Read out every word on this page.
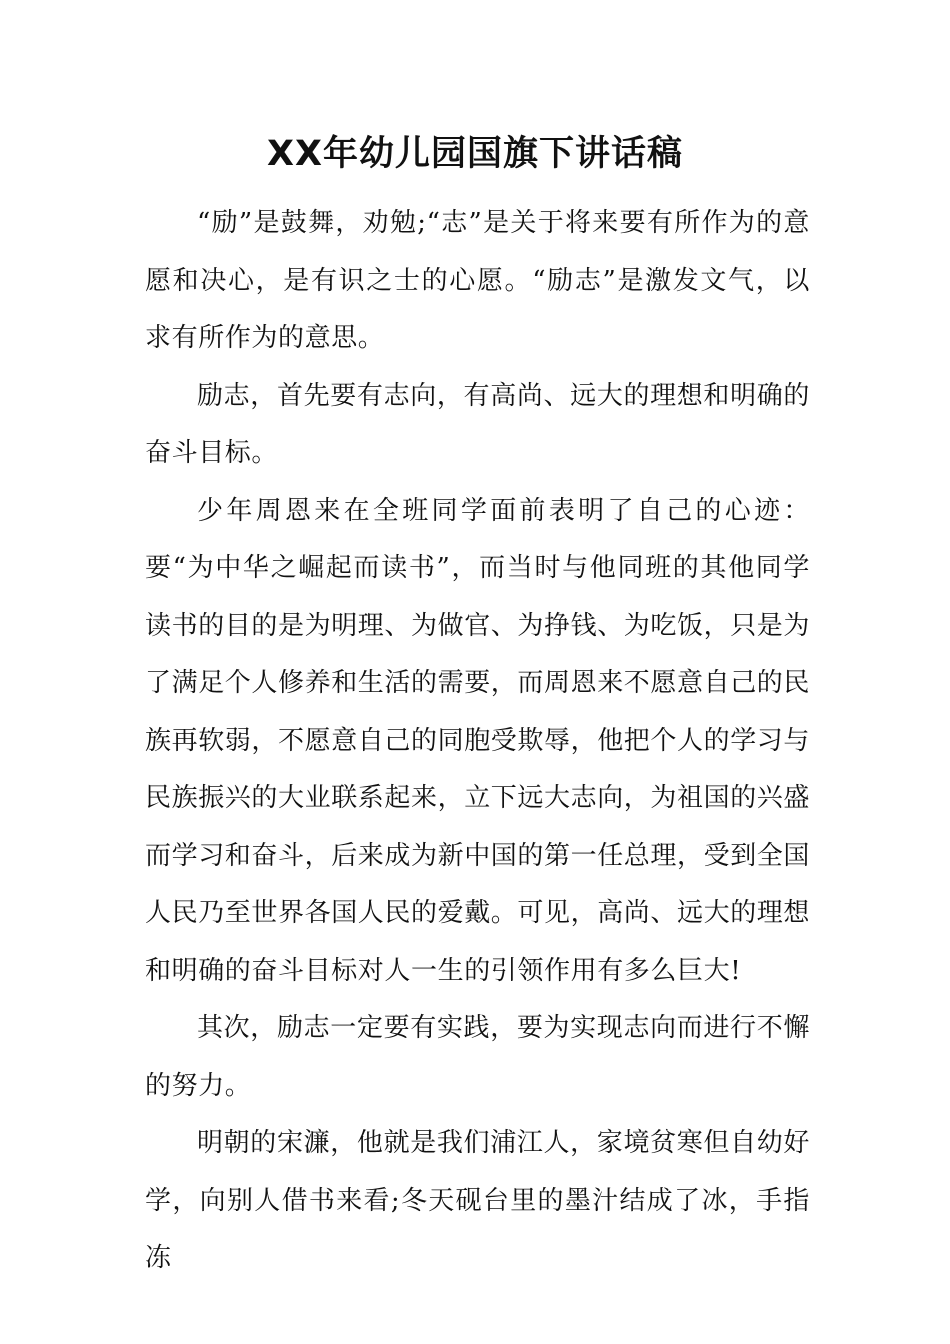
XX年幼儿园国旗下讲话稿

“励”是鼓舞，劝勉;“志”是关于将来要有所作为的意愿和决心，是有识之士的心愿。“励志”是激发文气，以求有所作为的意思。

励志，首先要有志向，有高尚、远大的理想和明确的奋斗目标。

少年周恩来在全班同学面前表明了自己的心迹：要“为中华之崛起而读书”，而当时与他同班的其他同学读书的目的是为明理、为做官、为挣钱、为吃饭，只是为了满足个人修养和生活的需要，而周恩来不愿意自己的民族再软弱，不愿意自己的同胞受欺辱，他把个人的学习与民族振兴的大业联系起来，立下远大志向，为祖国的兴盛而学习和奋斗，后来成为新中国的第一任总理，受到全国人民乃至世界各国人民的爱戴。可见，高尚、远大的理想和明确的奋斗目标对人一生的引领作用有多么巨大!

其次，励志一定要有实践，要为实现志向而进行不懈的努力。

明朝的宋濂，他就是我们浦江人，家境贫寒但自幼好学，向别人借书来看;冬天砚台里的墨汁结成了冰，手指冻
